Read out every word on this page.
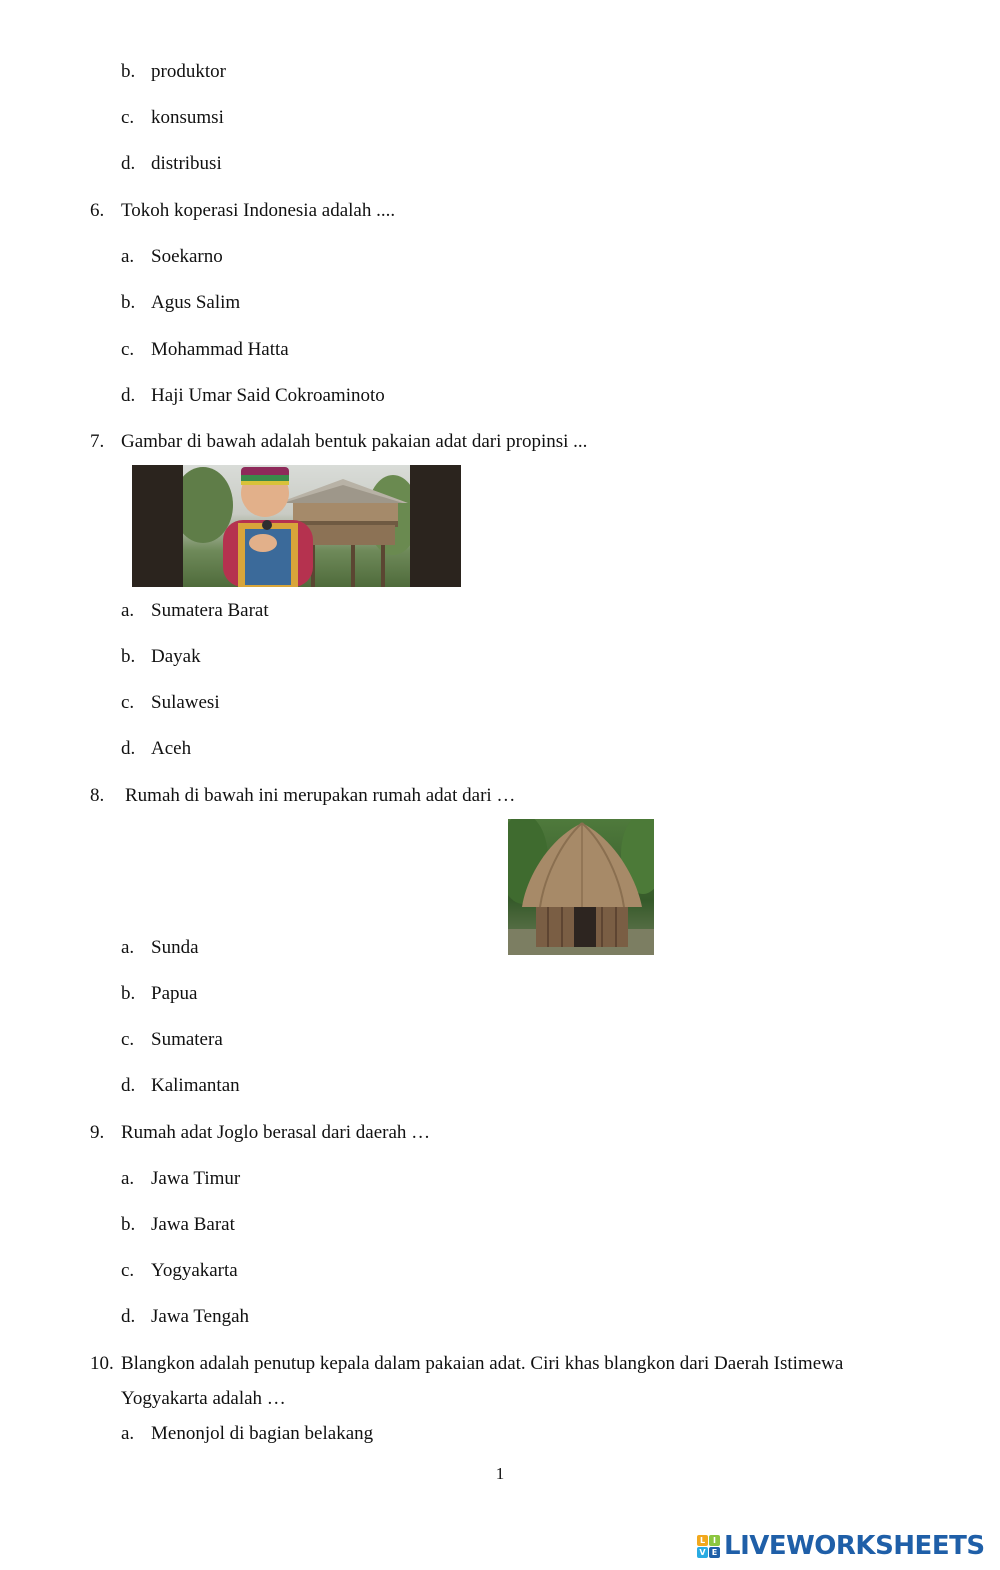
b. produktor
c. konsumsi
d. distribusi
6. Tokoh koperasi Indonesia adalah ....
a. Soekarno
b. Agus Salim
c. Mohammad Hatta
d. Haji Umar Said Cokroaminoto
7. Gambar di bawah adalah bentuk pakaian adat dari propinsi ...
a. Sumatera Barat
b. Dayak
c. Sulawesi
d. Aceh
8. Rumah di bawah ini merupakan rumah adat dari …
a. Sunda
b. Papua
c. Sumatera
d. Kalimantan
9. Rumah adat Joglo berasal dari daerah …
a. Jawa Timur
b. Jawa Barat
c. Yogyakarta
d. Jawa Tengah
10. Blangkon adalah penutup kepala dalam pakaian adat. Ciri khas blangkon dari Daerah Istimewa
Yogyakarta adalah …
a. Menonjol di bagian belakang
1
L I
V E LIVEWORKSHEETS
